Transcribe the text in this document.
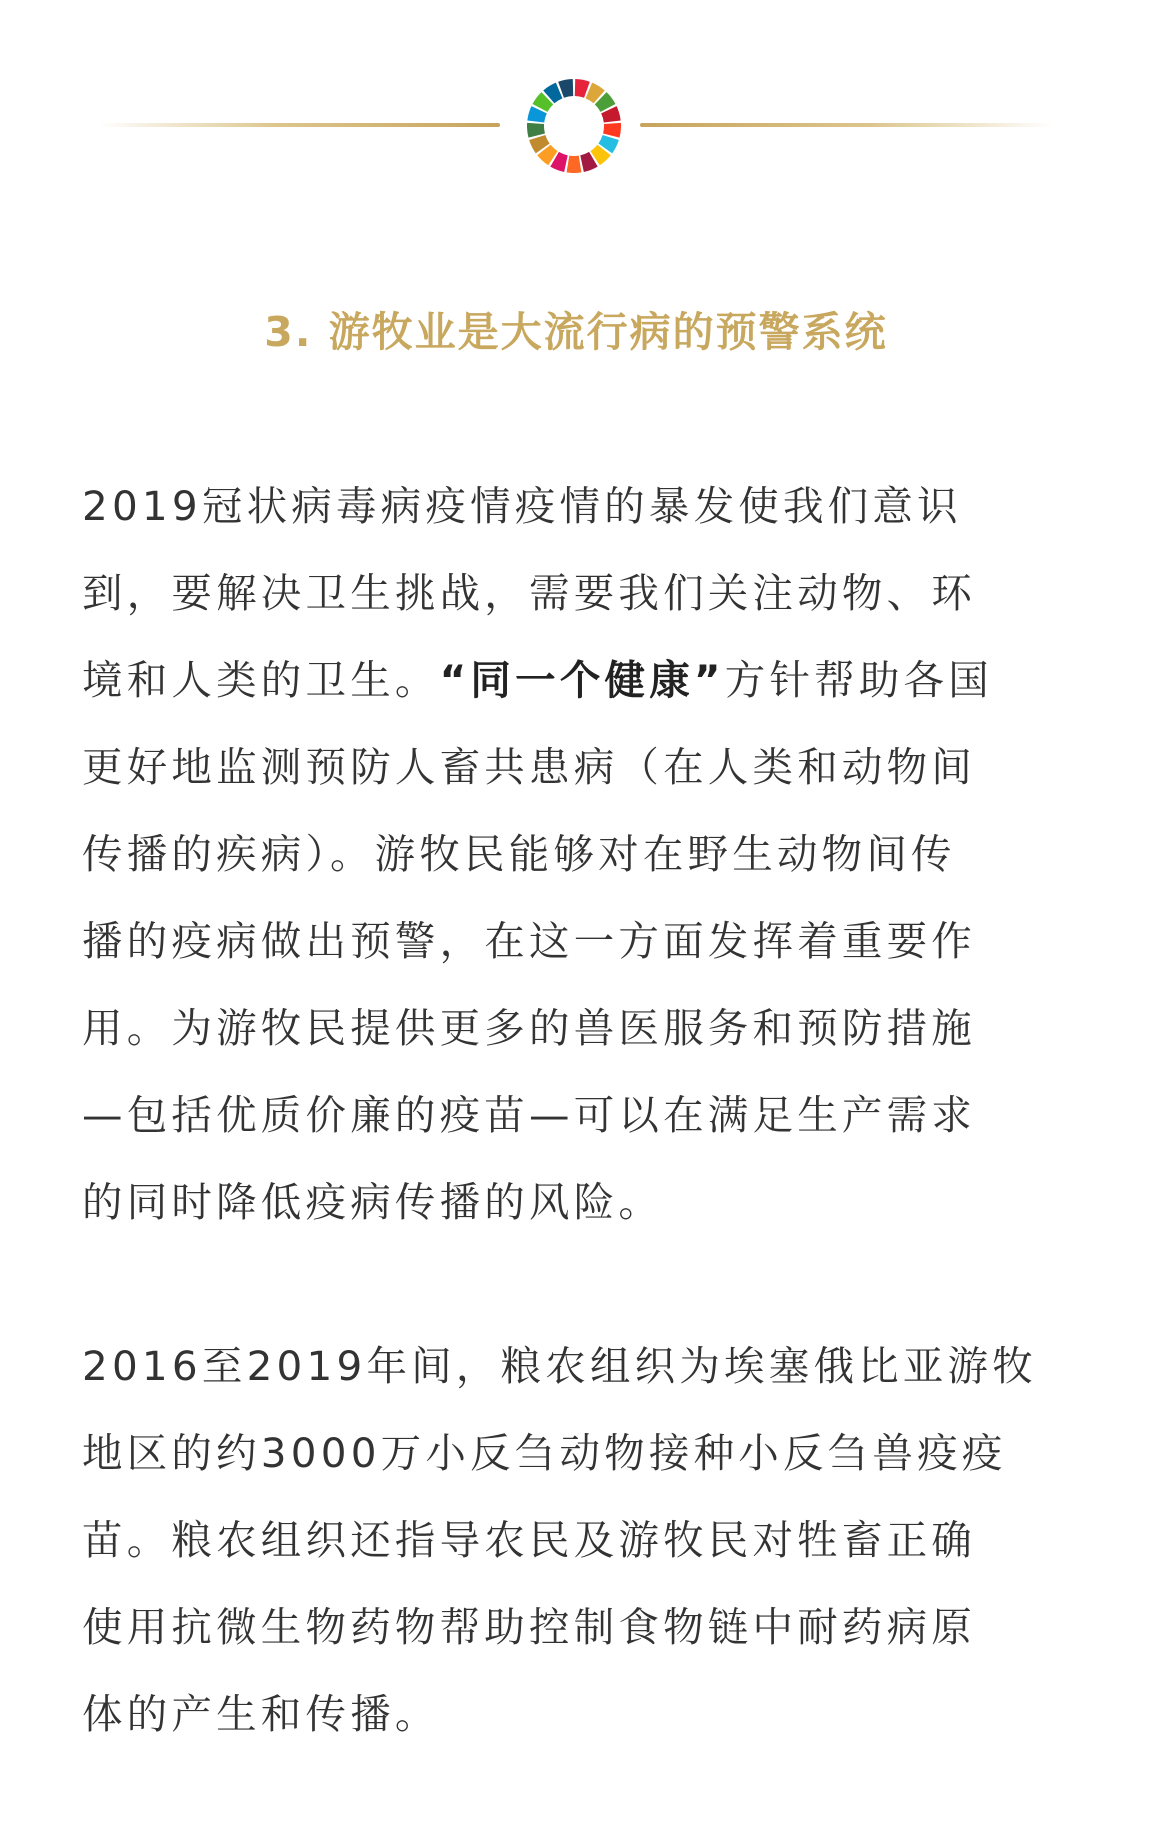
3. 游牧业是大流行病的预警系统

2019冠状病毒病疫情疫情的暴发使我们意识
到，要解决卫生挑战，需要我们关注动物、环
境和人类的卫生。“同一个健康”方针帮助各国
更好地监测预防人畜共患病（在人类和动物间
传播的疾病）。游牧民能够对在野生动物间传
播的疫病做出预警，在这一方面发挥着重要作
用。为游牧民提供更多的兽医服务和预防措施
—包括优质价廉的疫苗—可以在满足生产需求
的同时降低疫病传播的风险。

2016至2019年间，粮农组织为埃塞俄比亚游牧
地区的约3000万小反刍动物接种小反刍兽疫疫
苗。粮农组织还指导农民及游牧民对牲畜正确
使用抗微生物药物帮助控制食物链中耐药病原
体的产生和传播。
